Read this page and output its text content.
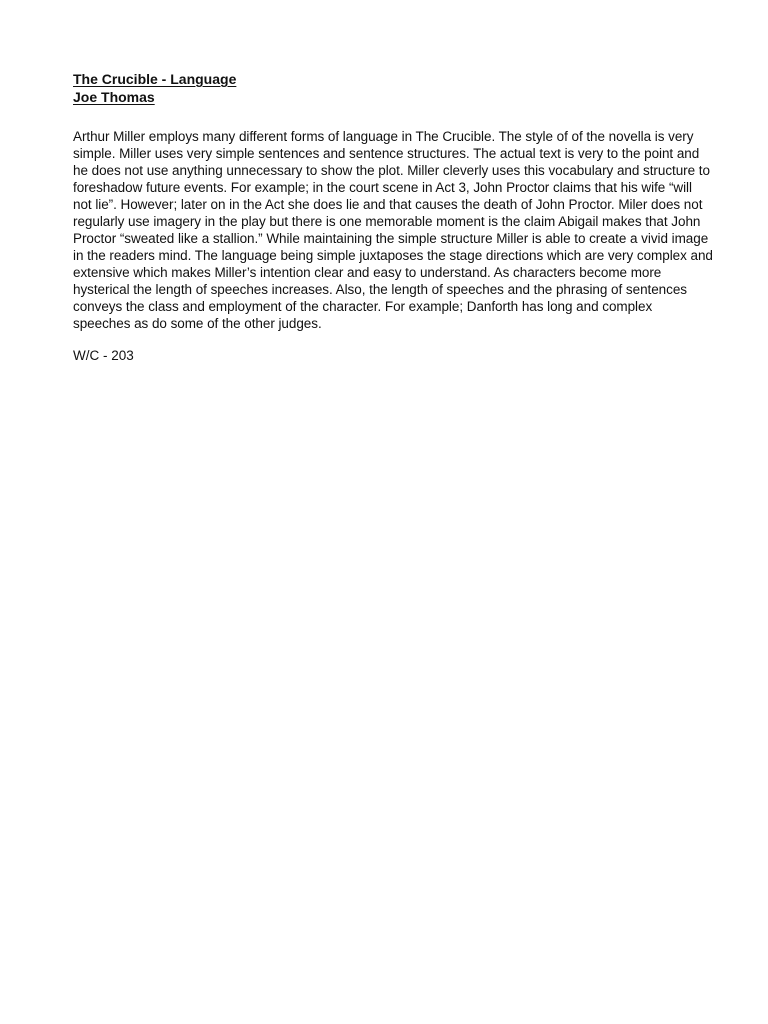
The Crucible - Language
Joe Thomas

Arthur Miller employs many different forms of language in The Crucible. The style of of the novella is very simple. Miller uses very simple sentences and sentence structures. The actual text is very to the point and he does not use anything unnecessary to show the plot. Miller cleverly uses this vocabulary and structure to foreshadow future events. For example; in the court scene in Act 3, John Proctor claims that his wife “will not lie”. However; later on in the Act she does lie and that causes the death of John Proctor. Miler does not regularly use imagery in the play but there is one memorable moment is the claim Abigail makes that John Proctor “sweated like a stallion.” While maintaining the simple structure Miller is able to create a vivid image in the readers mind. The language being simple juxtaposes the stage directions which are very complex and extensive which makes Miller’s intention clear and easy to understand. As characters become more hysterical the length of speeches increases. Also, the length of speeches and the phrasing of sentences conveys the class and employment of the character. For example; Danforth has long and complex speeches as do some of the other judges.

W/C - 203
